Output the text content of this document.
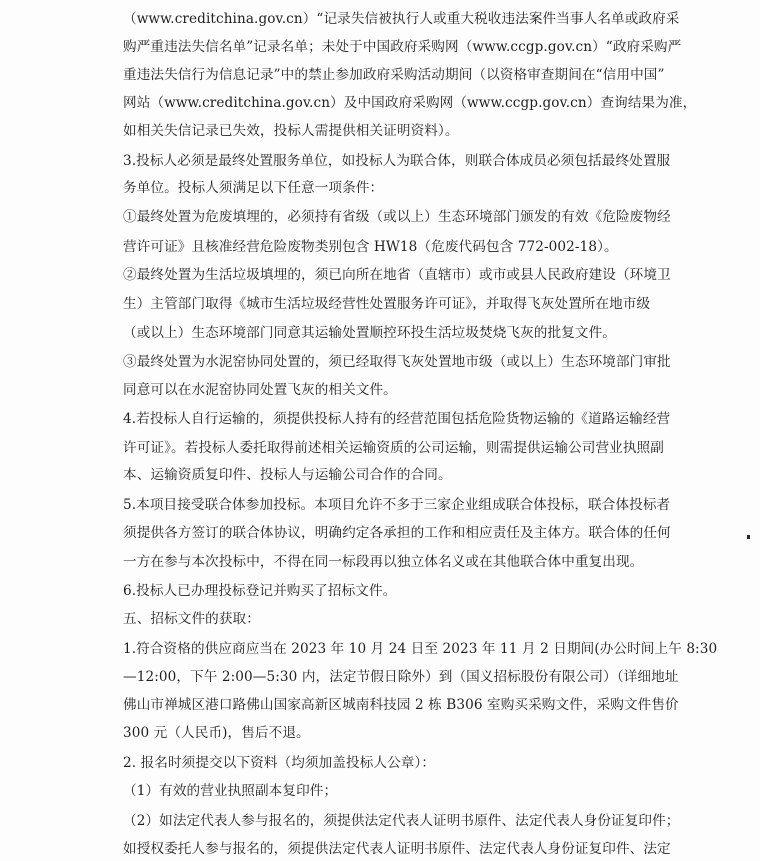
（www.creditchina.gov.cn）“记录失信被执行人或重大税收违法案件当事人名单或政府采
购严重违法失信名单”记录名单；未处于中国政府采购网（www.ccgp.gov.cn）“政府采购严
重违法失信行为信息记录”中的禁止参加政府采购活动期间（以资格审查期间在“信用中国”
网站（www.creditchina.gov.cn）及中国政府采购网（www.ccgp.gov.cn）查询结果为准，
如相关失信记录已失效，投标人需提供相关证明资料）。
3.投标人必须是最终处置服务单位，如投标人为联合体，则联合体成员必须包括最终处置服
务单位。投标人须满足以下任意一项条件：
①最终处置为危废填埋的，必须持有省级（或以上）生态环境部门颁发的有效《危险废物经
营许可证》且核准经营危险废物类别包含 HW18（危废代码包含 772-002-18）。
②最终处置为生活垃圾填埋的，须已向所在地省（直辖市）或市或县人民政府建设（环境卫
生）主管部门取得《城市生活垃圾经营性处置服务许可证》，并取得飞灰处置所在地市级
（或以上）生态环境部门同意其运输处置顺控环投生活垃圾焚烧飞灰的批复文件。
③最终处置为水泥窑协同处置的，须已经取得飞灰处置地市级（或以上）生态环境部门审批
同意可以在水泥窑协同处置飞灰的相关文件。
4.若投标人自行运输的，须提供投标人持有的经营范围包括危险货物运输的《道路运输经营
许可证》。若投标人委托取得前述相关运输资质的公司运输，则需提供运输公司营业执照副
本、运输资质复印件、投标人与运输公司合作的合同。
5.本项目接受联合体参加投标。本项目允许不多于三家企业组成联合体投标，联合体投标者
须提供各方签订的联合体协议，明确约定各承担的工作和相应责任及主体方。联合体的任何
一方在参与本次投标中，不得在同一标段再以独立体名义或在其他联合体中重复出现。
6.投标人已办理投标登记并购买了招标文件。
五、招标文件的获取：
1.符合资格的供应商应当在 2023 年 10 月 24 日至 2023 年 11 月 2 日期间(办公时间上午 8:30
—12:00，下午 2:00—5:30 内，法定节假日除外）到（国义招标股份有限公司）（详细地址
佛山市禅城区港口路佛山国家高新区城南科技园 2 栋 B306 室购买采购文件，采购文件售价
300 元（人民币)，售后不退。
2. 报名时须提交以下资料（均须加盖投标人公章）：
（1）有效的营业执照副本复印件；
（2）如法定代表人参与报名的，须提供法定代表人证明书原件、法定代表人身份证复印件；
如授权委托人参与报名的，须提供法定代表人证明书原件、法定代表人身份证复印件、法定
